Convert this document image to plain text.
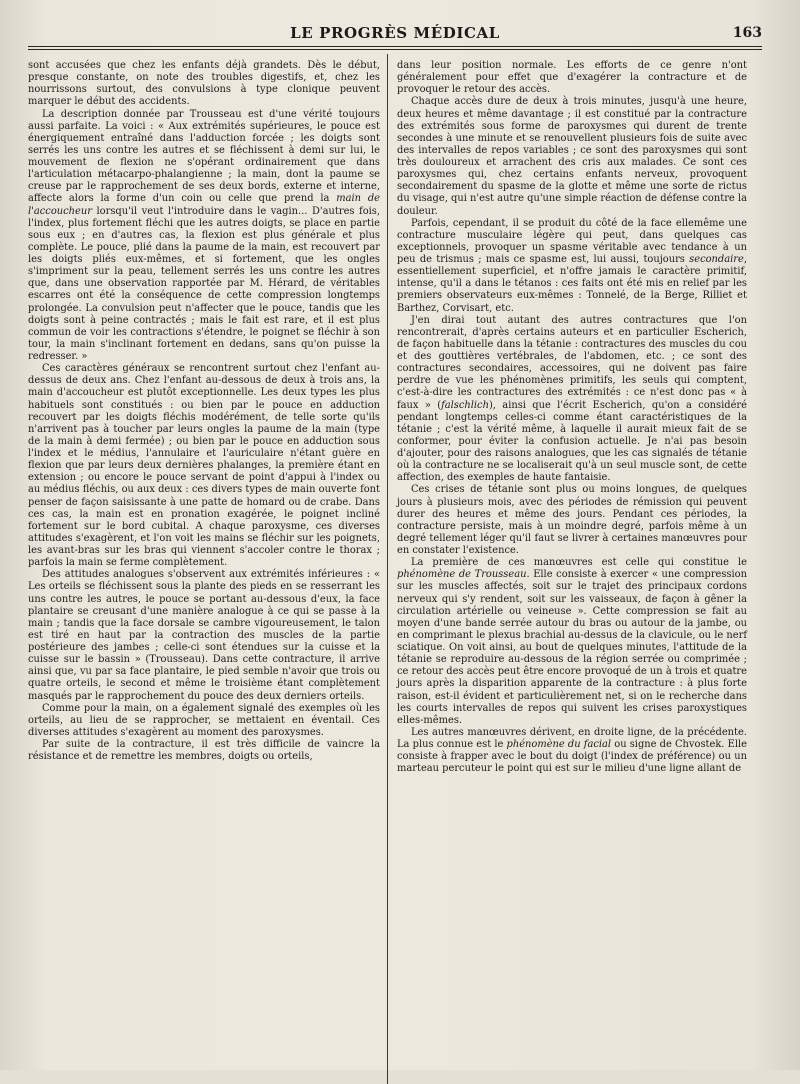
LE PROGRÈS MÉDICAL	163

sont accusées que chez les enfants déjà grandets. Dès le début, presque constante, on note des troubles digestifs, et, chez les nourrissons surtout, des convulsions à type clonique peuvent marquer le début des accidents.

La description donnée par Trousseau est d'une vérité toujours aussi parfaite. La voici : « Aux extrémités supérieures, le pouce est énergiquement entraîné dans l'adduction forcée ; les doigts sont serrés les uns contre les autres et se fléchissent à demi sur lui, le mouvement de flexion ne s'opérant ordinairement que dans l'articulation métacarpo-phalangienne ; la main, dont la paume se creuse par le rapprochement de ses deux bords, externe et interne, affecte alors la forme d'un coin ou celle que prend la main de l'accoucheur lorsqu'il veut l'introduire dans le vagin... D'autres fois, l'index, plus fortement fléchi que les autres doigts, se place en partie sous eux ; en d'autres cas, la flexion est plus générale et plus complète. Le pouce, plié dans la paume de la main, est recouvert par les doigts pliés eux-mêmes, et si fortement, que les ongles s'impriment sur la peau, tellement serrés les uns contre les autres que, dans une observation rapportée par M. Hérard, de véritables escarres ont été la conséquence de cette compression longtemps prolongée. La convulsion peut n'affecter que le pouce, tandis que les doigts sont à peine contractés ; mais le fait est rare, et il est plus commun de voir les contractions s'étendre, le poignet se fléchir à son tour, la main s'inclinant fortement en dedans, sans qu'on puisse la redresser. »

Ces caractères généraux se rencontrent surtout chez l'enfant au-dessus de deux ans. Chez l'enfant au-dessous de deux à trois ans, la main d'accoucheur est plutôt exceptionnelle. Les deux types les plus habituels sont constitués : ou bien par le pouce en adduction recouvert par les doigts fléchis modérément, de telle sorte qu'ils n'arrivent pas à toucher par leurs ongles la paume de la main (type de la main à demi fermée) ; ou bien par le pouce en adduction sous l'index et le médius, l'annulaire et l'auriculaire n'étant guère en flexion que par leurs deux dernières phalanges, la première étant en extension ; ou encore le pouce servant de point d'appui à l'index ou au médius fléchis, ou aux deux : ces divers types de main ouverte font penser de façon saisissante à une patte de homard ou de crabe. Dans ces cas, la main est en pronation exagérée, le poignet incliné fortement sur le bord cubital. A chaque paroxysme, ces diverses attitudes s'exagèrent, et l'on voit les mains se fléchir sur les poignets, les avant-bras sur les bras qui viennent s'accoler contre le thorax ; parfois la main se ferme complètement.

Des attitudes analogues s'observent aux extrémités inférieures : « Les orteils se fléchissent sous la plante des pieds en se resserrant les uns contre les autres, le pouce se portant au-dessous d'eux, la face plantaire se creusant d'une manière analogue à ce qui se passe à la main ; tandis que la face dorsale se cambre vigoureusement, le talon est tiré en haut par la contraction des muscles de la partie postérieure des jambes ; celle-ci sont étendues sur la cuisse et la cuisse sur le bassin » (Trousseau). Dans cette contracture, il arrive ainsi que, vu par sa face plantaire, le pied semble n'avoir que trois ou quatre orteils, le second et même le troisième étant complètement masqués par le rapprochement du pouce des deux derniers orteils.

Comme pour la main, on a également signalé des exemples où les orteils, au lieu de se rapprocher, se mettaient en éventail. Ces diverses attitudes s'exagèrent au moment des paroxysmes.

Par suite de la contracture, il est très difficile de vaincre la résistance et de remettre les membres, doigts ou orteils,

dans leur position normale. Les efforts de ce genre n'ont généralement pour effet que d'exagérer la contracture et de provoquer le retour des accès.

Chaque accès dure de deux à trois minutes, jusqu'à une heure, deux heures et même davantage ; il est constitué par la contracture des extrémités sous forme de paroxysmes qui durent de trente secondes à une minute et se renouvellent plusieurs fois de suite avec des intervalles de repos variables ; ce sont des paroxysmes qui sont très douloureux et arrachent des cris aux malades. Ce sont ces paroxysmes qui, chez certains enfants nerveux, provoquent secondairement du spasme de la glotte et même une sorte de rictus du visage, qui n'est autre qu'une simple réaction de défense contre la douleur.

Parfois, cependant, il se produit du côté de la face ellemême une contracture musculaire légère qui peut, dans quelques cas exceptionnels, provoquer un spasme véritable avec tendance à un peu de trismus ; mais ce spasme est, lui aussi, toujours secondaire, essentiellement superficiel, et n'offre jamais le caractère primitif, intense, qu'il a dans le tétanos : ces faits ont été mis en relief par les premiers observateurs eux-mêmes : Tonnelé, de la Berge, Rilliet et Barthez, Corvisart, etc.

J'en dirai tout autant des autres contractures que l'on rencontrerait, d'après certains auteurs et en particulier Escherich, de façon habituelle dans la tétanie : contractures des muscles du cou et des gouttières vertébrales, de l'abdomen, etc. ; ce sont des contractures secondaires, accessoires, qui ne doivent pas faire perdre de vue les phénomènes primitifs, les seuls qui comptent, c'est-à-dire les contractures des extrémités : ce n'est donc pas « à faux » (falschlich), ainsi que l'écrit Escherich, qu'on a considéré pendant longtemps celles-ci comme étant caractéristiques de la tétanie ; c'est la vérité même, à laquelle il aurait mieux fait de se conformer, pour éviter la confusion actuelle. Je n'ai pas besoin d'ajouter, pour des raisons analogues, que les cas signalés de tétanie où la contracture ne se localiserait qu'à un seul muscle sont, de cette affection, des exemples de haute fantaisie.

Ces crises de tétanie sont plus ou moins longues, de quelques jours à plusieurs mois, avec des périodes de rémission qui peuvent durer des heures et même des jours. Pendant ces périodes, la contracture persiste, mais à un moindre degré, parfois même à un degré tellement léger qu'il faut se livrer à certaines manœuvres pour en constater l'existence.

La première de ces manœuvres est celle qui constitue le phénomène de Trousseau. Elle consiste à exercer « une compression sur les muscles affectés, soit sur le trajet des principaux cordons nerveux qui s'y rendent, soit sur les vaisseaux, de façon à gêner la circulation artérielle ou veineuse ». Cette compression se fait au moyen d'une bande serrée autour du bras ou autour de la jambe, ou en comprimant le plexus brachial au-dessus de la clavicule, ou le nerf sciatique. On voit ainsi, au bout de quelques minutes, l'attitude de la tétanie se reproduire au-dessous de la région serrée ou comprimée ; ce retour des accès peut être encore provoqué de un à trois et quatre jours après la disparition apparente de la contracture : à plus forte raison, est-il évident et particulièrement net, si on le recherche dans les courts intervalles de repos qui suivent les crises paroxystiques elles-mêmes.

Les autres manœuvres dérivent, en droite ligne, de la précédente. La plus connue est le phénomène du facial ou signe de Chvostek. Elle consiste à frapper avec le bout du doigt (l'index de préférence) ou un marteau percuteur le point qui est sur le milieu d'une ligne allant de
